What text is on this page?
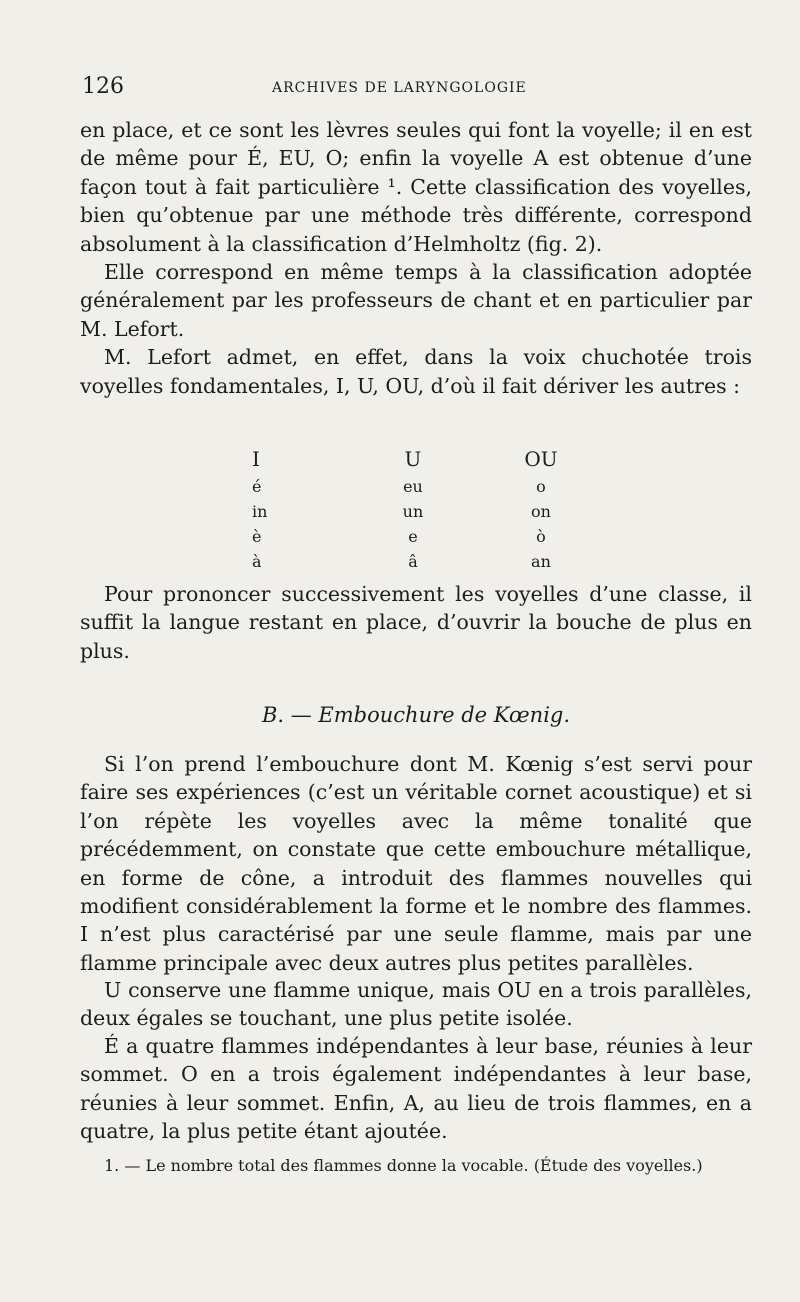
126	ARCHIVES DE LARYNGOLOGIE

en place, et ce sont les lèvres seules qui font la voyelle; il en est de même pour É, EU, O; enfin la voyelle A est obtenue d’une façon tout à fait particulière ¹. Cette classification des voyelles, bien qu’obtenue par une méthode très différente, correspond absolument à la classification d’Helmholtz (fig. 2).

Elle correspond en même temps à la classification adoptée généralement par les professeurs de chant et en particulier par M. Lefort.

M. Lefort admet, en effet, dans la voix chuchotée trois voyelles fondamentales, I, U, OU, d’où il fait dériver les autres :

I	U	OU
é	eu	o
in	un	on
è	e	ò
à	â	an

Pour prononcer successivement les voyelles d’une classe, il suffit la langue restant en place, d’ouvrir la bouche de plus en plus.

B. — Embouchure de Kœnig.

Si l’on prend l’embouchure dont M. Kœnig s’est servi pour faire ses expériences (c’est un véritable cornet acoustique) et si l’on répète les voyelles avec la même tonalité que précédemment, on constate que cette embouchure métallique, en forme de cône, a introduit des flammes nouvelles qui modifient considérablement la forme et le nombre des flammes. I n’est plus caractérisé par une seule flamme, mais par une flamme principale avec deux autres plus petites parallèles.

U conserve une flamme unique, mais OU en a trois parallèles, deux égales se touchant, une plus petite isolée.

É a quatre flammes indépendantes à leur base, réunies à leur sommet. O en a trois également indépendantes à leur base, réunies à leur sommet. Enfin, A, au lieu de trois flammes, en a quatre, la plus petite étant ajoutée.

1. — Le nombre total des flammes donne la vocable. (Étude des voyelles.)
